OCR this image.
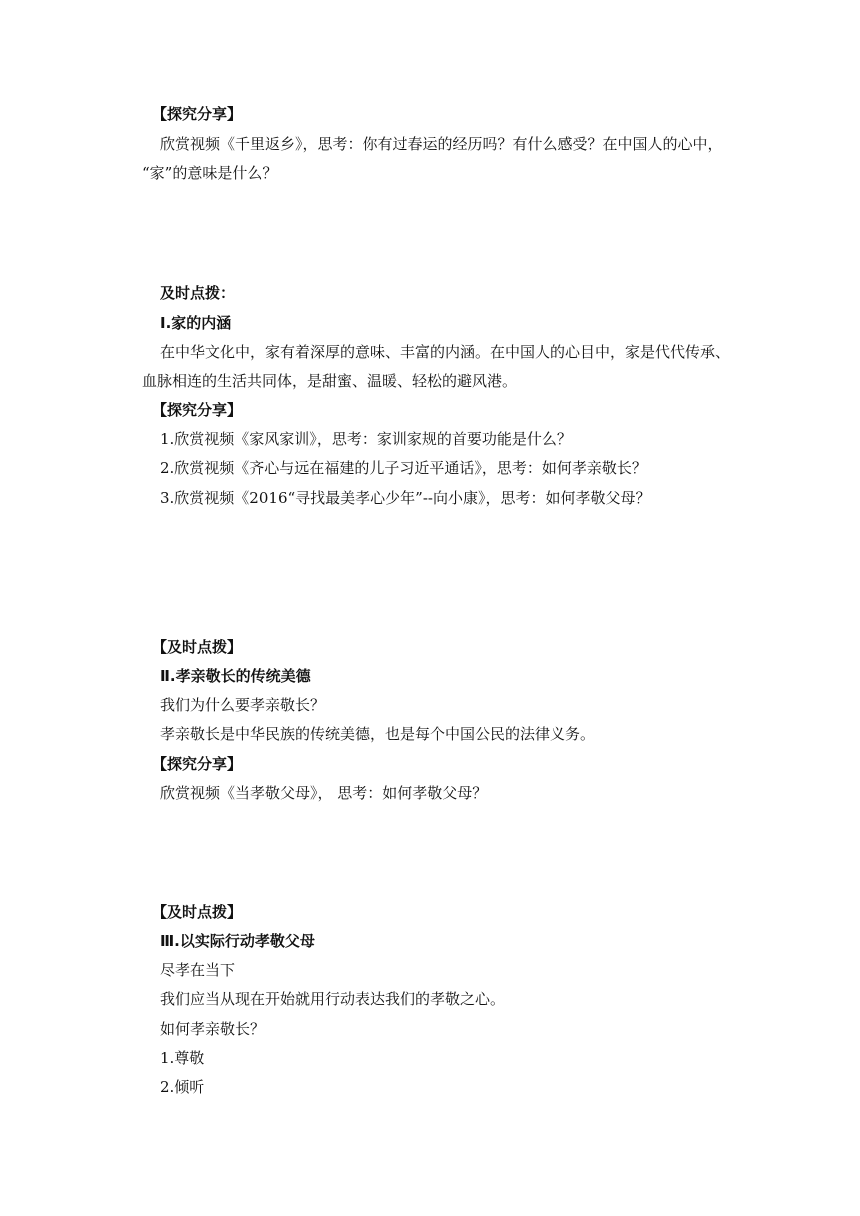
【探究分享】
欣赏视频《千里返乡》，思考：你有过春运的经历吗？有什么感受？在中国人的心中，
“家”的意味是什么？
及时点拨：
Ⅰ.家的内涵
在中华文化中，家有着深厚的意味、丰富的内涵。在中国人的心目中，家是代代传承、
血脉相连的生活共同体，是甜蜜、温暖、轻松的避风港。
【探究分享】
1.欣赏视频《家风家训》，思考：家训家规的首要功能是什么？
2.欣赏视频《齐心与远在福建的儿子习近平通话》，思考：如何孝亲敬长？
3.欣赏视频《2016“寻找最美孝心少年”--向小康》，思考：如何孝敬父母？
【及时点拨】
Ⅱ.孝亲敬长的传统美德
我们为什么要孝亲敬长？
孝亲敬长是中华民族的传统美德，也是每个中国公民的法律义务。
【探究分享】
欣赏视频《当孝敬父母》， 思考：如何孝敬父母？
【及时点拨】
Ⅲ.以实际行动孝敬父母
尽孝在当下
我们应当从现在开始就用行动表达我们的孝敬之心。
如何孝亲敬长？
1.尊敬
2.倾听
